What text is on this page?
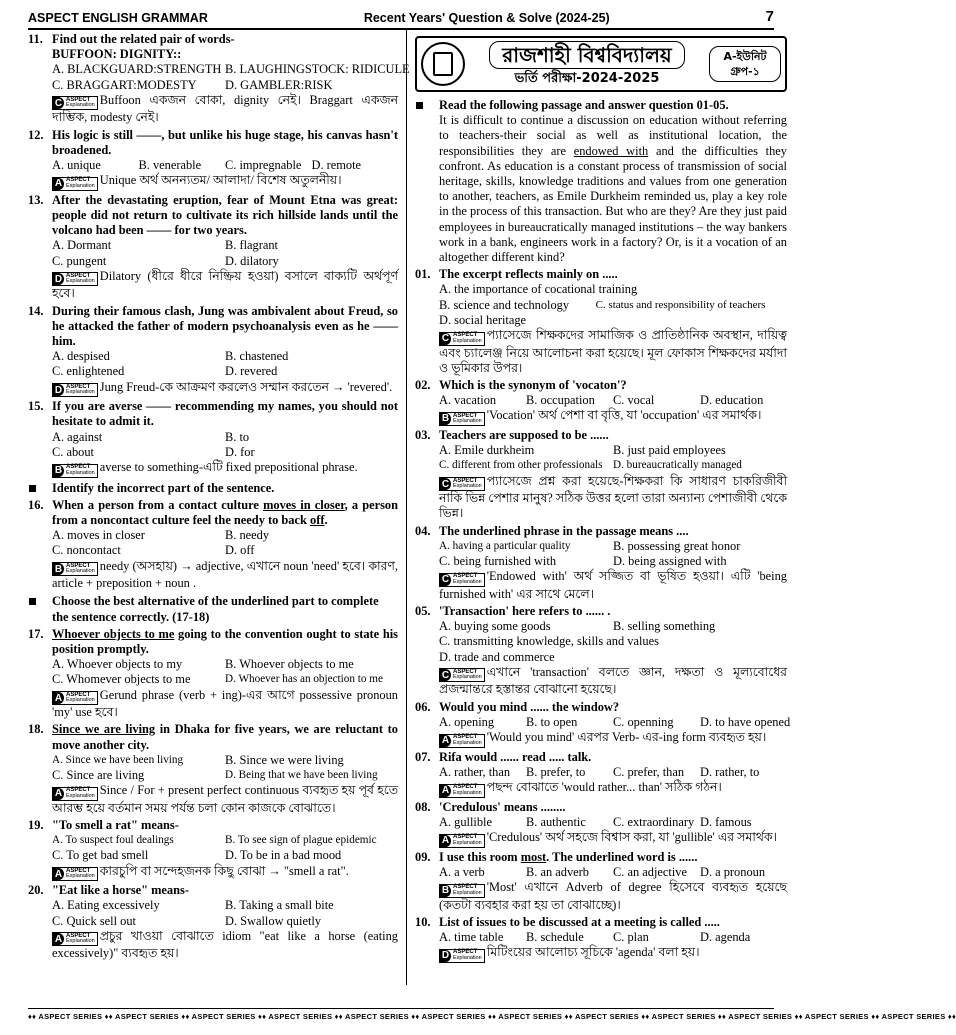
ASPECT ENGLISH GRAMMAR	Recent Years' Question & Solve (2024-25)	7
11. Find out the related pair of words-
BUFFOON: DIGNITY::
A. BLACKGUARD:STRENGTH B. LAUGHINGSTOCK: RIDICULE
C. BRAGGART:MODESTY	D. GAMBLER:RISK
C ASPECT
Explanation Buffoon একজন বোকা, dignity নেই। Braggart একজন দাম্ভিক, modesty নেই।
12. His logic is still ——, but unlike his huge stage, his canvas hasn't broadened.
A. unique	B. venerable	C. impregnable D. remote
A ASPECT
Explanation Unique অর্থ অনন্যতম/ আলাদা/ বিশেষ অতুলনীয়।
13. After the devastating eruption, fear of Mount Etna was great: people did not return to cultivate its rich hillside lands until the volcano had been —— for two years.
A. Dormant	B. flagrant
C. pungent	D. dilatory
D ASPECT
Explanation Dilatory (ধীরে ধীরে নিষ্ক্রিয় হওয়া) বসালে বাক্যটি অর্থপূর্ণ হবে।
14. During their famous clash, Jung was ambivalent about Freud, so he attacked the father of modern psychoanalysis even as he —— him.
A. despised	B. chastened
C. enlightened	D. revered
D ASPECT
Explanation Jung Freud-কে আক্রমণ করলেও সম্মান করতেন → 'revered'.
15. If you are averse —— recommending my names, you should not hesitate to admit it.
A. against	B. to
C. about	D. for
B ASPECT
Explanation averse to something-এটি fixed prepositional phrase.
Identify the incorrect part of the sentence.
16. When a person from a contact culture moves in closer, a person from a noncontact culture feel the needy to back off.
A. moves in closer	B. needy
C. noncontact	D. off
B ASPECT
Explanation needy (অসহায়) → adjective, এখানে noun 'need' হবে। কারণ, article + preposition + noun .
Choose the best alternative of the underlined part to complete the sentence correctly. (17-18)
17. Whoever objects to me going to the convention ought to state his position promptly.
A. Whoever objects to my	B. Whoever objects to me
C. Whomever objects to me	D. Whoever has an objection to me
A ASPECT
Explanation Gerund phrase (verb + ing)-এর আগে possessive pronoun 'my' use হবে।
18. Since we are living in Dhaka for five years, we are reluctant to move another city.
A. Since we have been living	B. Since we were living
C. Since are living	D. Being that we have been living
A ASPECT
Explanation Since / For + present perfect continuous ব্যবহৃত হয় পূর্ব হতে আরম্ভ হয়ে বর্তমান সময় পর্যন্ত চলা কোন কাজকে বোঝাতে।
19. "To smell a rat" means-
A. To suspect foul dealings	B. To see sign of plague epidemic
C. To get bad smell	D. To be in a bad mood
A ASPECT
Explanation কারচুপি বা সন্দেহজনক কিছু বোঝা → "smell a rat".
20. "Eat like a horse" means-
A. Eating excessively	B. Taking a small bite
C. Quick sell out	D. Swallow quietly
A ASPECT
Explanation প্রচুর খাওয়া বোঝাতে idiom "eat like a horse (eating excessively)" ব্যবহৃত হয়।
রাজশাহী বিশ্ববিদ্যালয়
ভর্তি পরীক্ষা-2024-2025
A-ইউনিট
গ্রুপ-১
Read the following passage and answer question 01-05.
It is difficult to continue a discussion on education without referring to teachers-their social as well as institutional location, the responsibilities they are endowed with and the difficulties they confront. As education is a constant process of transmission of social heritage, skills, knowledge traditions and values from one generation to another, teachers, as Emile Durkheim reminded us, play a key role in the process of this transaction. But who are they? Are they just paid employees in bureaucratically managed institutions – the way bankers work in a bank, engineers work in a factory? Or, is it a vocation of an altogether different kind?
01. The excerpt reflects mainly on .....
A. the importance of cocational training
B. science and technology	C. status and responsibility of teachers
D. social heritage
C ASPECT
Explanation প্যাসেজে শিক্ষকদের সামাজিক ও প্রাতিষ্ঠানিক অবস্থান, দায়িত্ব এবং চ্যালেঞ্জ নিয়ে আলোচনা করা হয়েছে। মূল ফোকাস শিক্ষকদের মর্যাদা ও ভূমিকার উপর।
02. Which is the synonym of 'vocaton'?
A. vacation	B. occupation	C. vocal	D. education
B ASPECT
Explanation 'Vocation' অর্থ পেশা বা বৃত্তি, যা 'occupation' এর সমার্থক।
03. Teachers are supposed to be ......
A. Emile durkheim	B. just paid employees
C. different from other professionals D. bureaucratically managed
C ASPECT
Explanation প্যাসেজে প্রশ্ন করা হয়েছে-শিক্ষকরা কি সাধারণ চাকরিজীবী নাকি ভিন্ন পেশার মানুষ? সঠিক উত্তর হলো তারা অন্যান্য পেশাজীবী থেকে ভিন্ন।
04. The underlined phrase in the passage means ....
A. having a particular quality	B. possessing great honor
C. being furnished with	D. being assigned with
C ASPECT
Explanation 'Endowed with' অর্থ সজ্জিত বা ভূষিত হওয়া। এটি 'being furnished with' এর সাথে মেলে।
05. 'Transaction' here refers to ...... .
A. buying some goods	B. selling something
C. transmitting knowledge, skills and values
D. trade and commerce
C ASPECT
Explanation এখানে 'transaction' বলতে জ্ঞান, দক্ষতা ও মূল্যবোধের প্রজন্মান্তরে হস্তান্তর বোঝানো হয়েছে।
06. Would you mind ...... the window?
A. opening	B. to open	C. openning	D. to have opened
A ASPECT
Explanation 'Would you mind' এরপর Verb- এর-ing form ব্যবহৃত হয়।
07. Rifa would ...... read ..... talk.
A. rather, than	B. prefer, to	C. prefer, than	D. rather, to
A ASPECT
Explanation পছন্দ বোঝাতে 'would rather... than' সঠিক গঠন।
08. 'Credulous' means ........
A. gullible	B. authentic	C. extraordinary D. famous
A ASPECT
Explanation 'Credulous' অর্থ সহজে বিশ্বাস করা, যা 'gullible' এর সমার্থক।
09. I use this room most. The underlined word is ......
A. a verb	B. an adverb	C. an adjective	D. a pronoun
B ASPECT
Explanation 'Most' এখানে Adverb of degree হিসেবে ব্যবহৃত হয়েছে (কতটা ব্যবহার করা হয় তা বোঝাচ্ছে)।
10. List of issues to be discussed at a meeting is called .....
A. time table	B. schedule	C. plan	D. agenda
D ASPECT
Explanation মিটিংয়ের আলোচ্য সূচিকে 'agenda' বলা হয়।
♦♦ ASPECT SERIES ♦♦ ASPECT SERIES ♦♦ ASPECT SERIES ♦♦ ASPECT SERIES ♦♦ ASPECT SERIES ♦♦ ASPECT SERIES ♦♦ ASPECT SERIES ♦♦ ASPECT SERIES ♦♦ ASPECT SERIES ♦♦ ASPECT SERIES ♦♦ ASPECT SERIES ♦♦ ASPECT SERIES ♦♦
